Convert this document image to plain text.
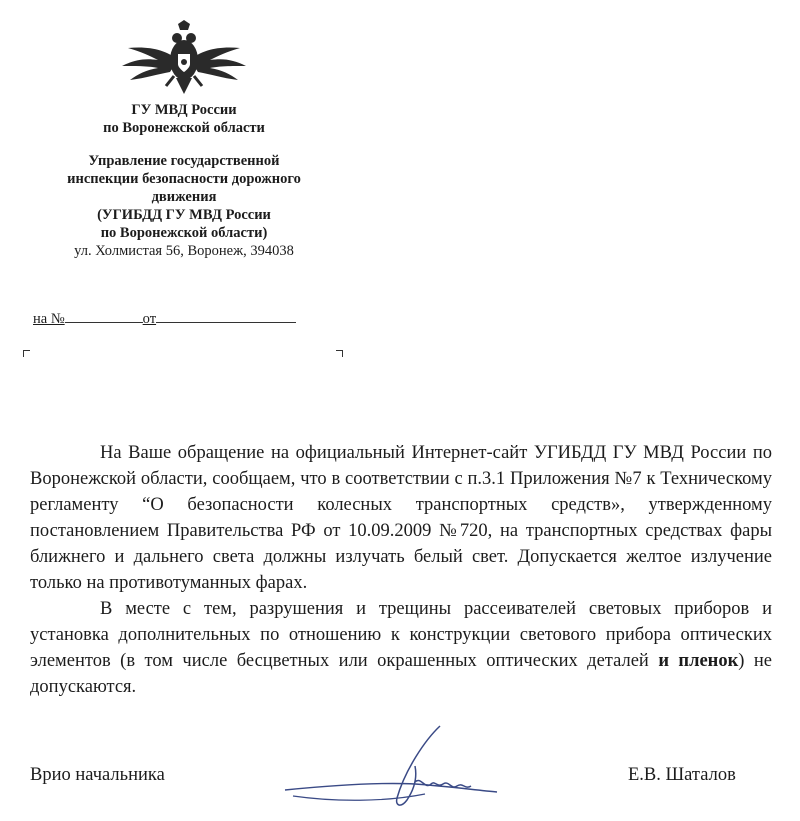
ГУ МВД России
по Воронежской области
Управление государственной
инспекции безопасности дорожного
движения
(УГИБДД ГУ МВД России
по Воронежской области)
ул. Холмистая 56, Воронеж, 394038
на №	от

На Ваше обращение на официальный Интернет-сайт УГИБДД ГУ МВД России по Воронежской области, сообщаем, что в соответствии с п.3.1 Приложения №7 к Техническому регламенту “О безопасности колесных транспортных средств», утвержденному постановлением Правительства РФ от 10.09.2009 №720, на транспортных средствах фары ближнего и дальнего света должны излучать белый свет. Допускается желтое излучение только на противотуманных фарах.

В месте с тем, разрушения и трещины рассеивателей световых приборов и установка дополнительных по отношению к конструкции светового прибора оптических элементов (в том числе бесцветных или окрашенных оптических деталей и пленок) не допускаются.

Врио начальника	Е.В. Шаталов
